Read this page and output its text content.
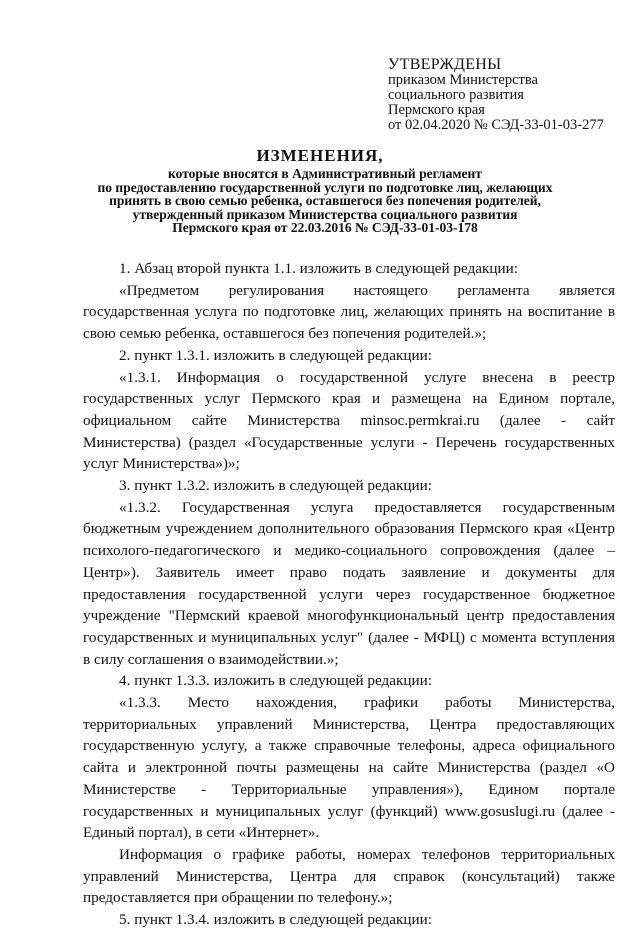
УТВЕРЖДЕНЫ
приказом Министерства
социального развития
Пермского края
от 02.04.2020 № СЭД-33-01-03-277
ИЗМЕНЕНИЯ,
которые вносятся в Административный регламент
по предоставлению государственной услуги по подготовке лиц, желающих
принять в свою семью ребенка, оставшегося без попечения родителей,
утвержденный приказом Министерства социального развития
Пермского края от 22.03.2016 № СЭД-33-01-03-178

1. Абзац второй пункта 1.1. изложить в следующей редакции:

«Предметом регулирования настоящего регламента является государственная услуга по подготовке лиц, желающих принять на воспитание в свою семью ребенка, оставшегося без попечения родителей.»;

2. пункт 1.3.1. изложить в следующей редакции:

«1.3.1. Информация о государственной услуге внесена в реестр государственных услуг Пермского края и размещена на Едином портале, официальном сайте Министерства minsoc.permkrai.ru (далее - сайт Министерства) (раздел «Государственные услуги - Перечень государственных услуг Министерства»)»;

3. пункт 1.3.2. изложить в следующей редакции:

«1.3.2. Государственная услуга предоставляется государственным бюджетным учреждением дополнительного образования Пермского края «Центр психолого-педагогического и медико-социального сопровождения (далее – Центр»). Заявитель имеет право подать заявление и документы для предоставления государственной услуги через государственное бюджетное учреждение "Пермский краевой многофункциональный центр предоставления государственных и муниципальных услуг" (далее - МФЦ) с момента вступления в силу соглашения о взаимодействии.»;

4. пункт 1.3.3. изложить в следующей редакции:

«1.3.3. Место нахождения, графики работы Министерства, территориальных управлений Министерства, Центра предоставляющих государственную услугу, а также справочные телефоны, адреса официального сайта и электронной почты размещены на сайте Министерства (раздел «О Министерстве - Территориальные управления»), Едином портале государственных и муниципальных услуг (функций) www.gosuslugi.ru (далее - Единый портал), в сети «Интернет».

Информация о графике работы, номерах телефонов территориальных управлений Министерства, Центра для справок (консультаций) также предоставляется при обращении по телефону.»;

5. пункт 1.3.4. изложить в следующей редакции:
